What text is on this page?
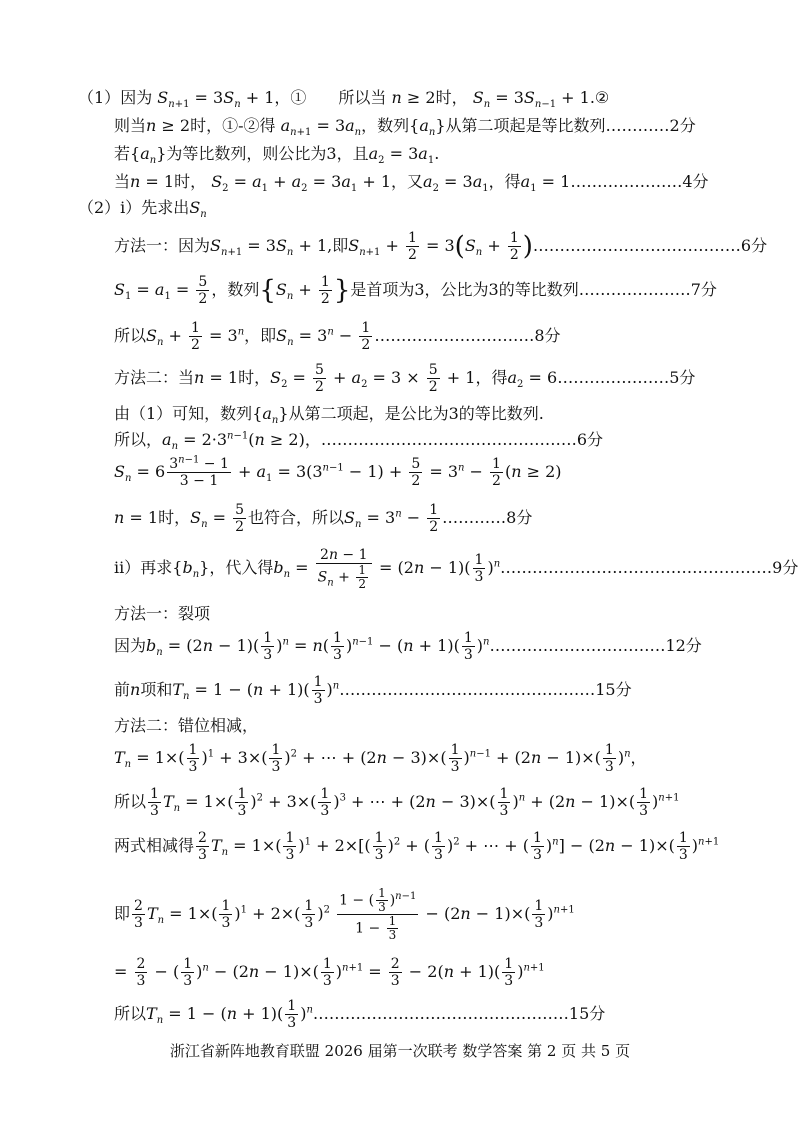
（1）因为 $S_{n+1} = 3S_n + 1$，①　　所以当 n ≥ 2时， $S_n = 3S_{n-1}$ + 1.②
则当n ≥ 2时，①-②得 $a_{n+1} = 3a_n$，数列$\{a_n\}$从第二项起是等比数列…………2分
若$\{a_n\}$为等比数列，则公比为3，且$a_2 = 3a_1$.
当n = 1时， $S_2 = a_1 + a_2 = 3a_1 + 1$，又$a_2 = 3a_1$，得$a_1$ = 1…………………4分
（2）i）先求出$S_n$
方法一：因为$S_{n+1} = 3S_n + 1$,即$S_{n+1} + \frac{1}{2} = 3(S_n + \frac{1}{2}$ )…………………………………6分
$S_1 = a_1 = \frac{5}{2}$ ，数列{$S_n + \frac{1}{2}$ }是首项为3，公比为3的等比数列…………………7分
所以$S_n + \frac{1}{2} = 3^n$，即$S_n = 3^n - \frac{1}{2}$ …………………………8分
方法二：当n = 1时，$S_2 = \frac{5}{2} + a_2 = 3 \times \frac{5}{2} + 1$，得$a_2$ = 6…………………5分
由（1）可知，数列$\{a_n\}$从第二项起，是公比为3的等比数列.
所以，$a_n = 2\cdot 3^{n-1}(n \ge 2)$，…………………………………………6分
$S_n = 6 \frac{3^{n-1} - 1}{3 - 1} + a_1 = 3(3^{n-1} - 1) + \frac{5}{2} = 3^n - \frac{1}{2} (n \ge 2)$
n = 1时，$S_n = \frac{5}{2}$ 也符合，所以$S_n = 3^n - \frac{1}{2}$ …………8分
ii）再求$\{b_n\}$，代入得$b_n = \frac{2n - 1}{S_n + \frac{1}{2}} = (2n - 1)( \frac{1}{3}$ )$^n\dots\dots\dots\dots\dots\dots\dots\dots\dots\dots\dots\dots\dots\dots\dots\dots\dots 9$分
方法一：裂项
因为$b_n = (2n - 1)( \frac{1}{3} )^n = n( \frac{1}{3} )^{n-1} - (n + 1)( \frac{1}{3}$ )$^n\dots\dots\dots\dots\dots\dots\dots\dots\dots\dots\dots 12$分
前n项和$T_n = 1 - (n + 1)( \frac{1}{3}$ )$^n\dots\dots\dots\dots\dots\dots\dots\dots\dots\dots\dots\dots\dots\dots\dots\dots 15$分
方法二：错位相减，
$T_n = 1\times( \frac{1}{3} )^1 + 3\times( \frac{1}{3} )^2$ + ⋯ + $(2n - 3)\times( \frac{1}{3} )^{n-1} + (2n - 1)\times( \frac{1}{3} )^n$，
所以 $\frac{1}{3} T_n = 1\times( \frac{1}{3} )^2 + 3\times( \frac{1}{3} )^3$ + ⋯ + $(2n - 3)\times( \frac{1}{3} )^n + (2n - 1)\times( \frac{1}{3} )^{n+1}$
两式相减得 $\frac{2}{3} T_n = 1\times( \frac{1}{3} )^1 + 2\times[( \frac{1}{3} )^2$ + ( $\frac{1}{3} )^2$ + ⋯ + ( $\frac{1}{3} )^n] - (2n - 1)\times( \frac{1}{3} )^{n+1}$
即 $\frac{2}{3} T_n = 1\times( \frac{1}{3} )^1 + 2\times( \frac{1}{3} )^2 \frac{1 - ( \frac{1}{3} )^{n-1}}{1 - \frac{1}{3}} - (2n - 1)\times( \frac{1}{3} )^{n+1}$
= $\frac{2}{3}$ − ( $\frac{1}{3} )^n - (2n - 1)\times( \frac{1}{3} )^{n+1} = \frac{2}{3} - 2(n + 1)( \frac{1}{3} )^{n+1}$
所以$T_n = 1 - (n + 1)( \frac{1}{3}$ )$^n\dots\dots\dots\dots\dots\dots\dots\dots\dots\dots\dots\dots\dots\dots\dots\dots 15$分
浙江省新阵地教育联盟 2026 届第一次联考 数学答案 第 2 页 共 5 页
